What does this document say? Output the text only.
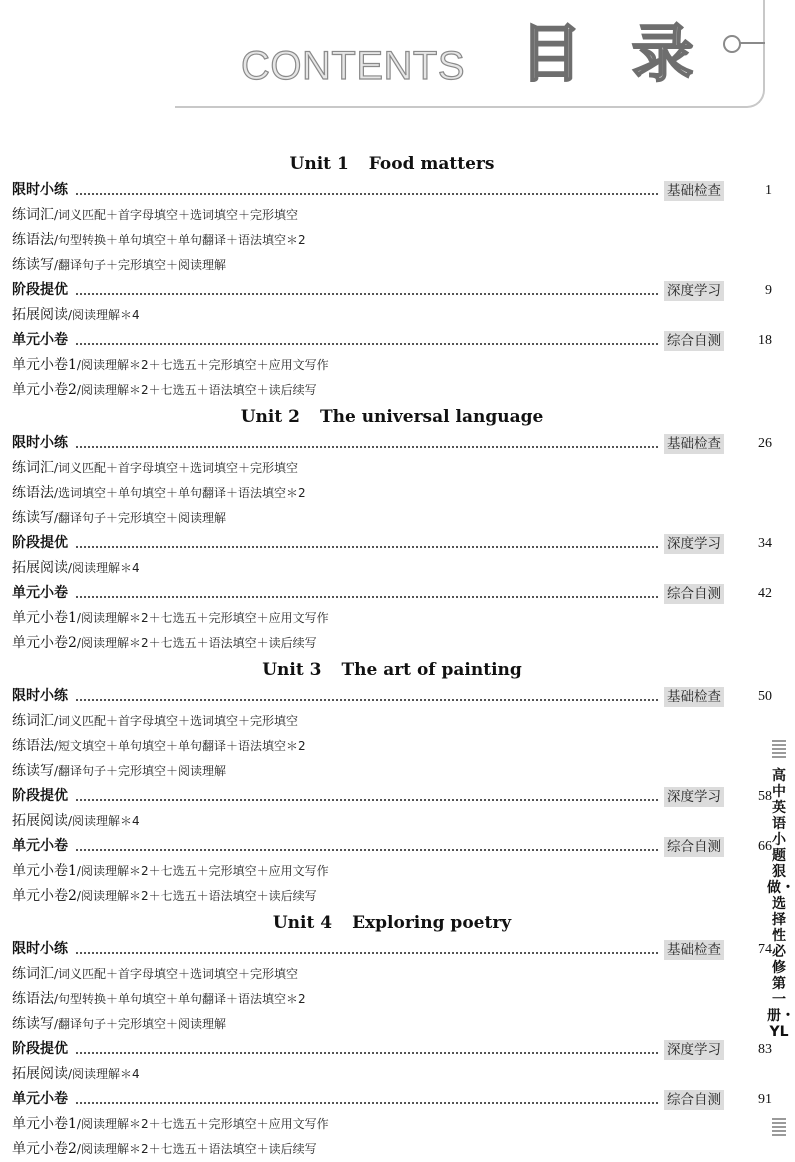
CONTENTS 目 录
Unit 1 Food matters
限时小练	基础检查	1
练词汇 /词义匹配＋首字母填空＋选词填空＋完形填空
练语法 /句型转换＋单句填空＋单句翻译＋语法填空＊2
练读写 /翻译句子＋完形填空＋阅读理解
阶段提优	深度学习	9
拓展阅读 /阅读理解＊4
单元小卷	综合自测	18
单元小卷1 /阅读理解＊2＋七选五＋完形填空＋应用文写作
单元小卷2 /阅读理解＊2＋七选五＋语法填空＋读后续写
Unit 2 The universal language
限时小练	基础检查	26
练词汇 /词义匹配＋首字母填空＋选词填空＋完形填空
练语法 /选词填空＋单句填空＋单句翻译＋语法填空＊2
练读写 /翻译句子＋完形填空＋阅读理解
阶段提优	深度学习	34
拓展阅读 /阅读理解＊4
单元小卷	综合自测	42
单元小卷1 /阅读理解＊2＋七选五＋完形填空＋应用文写作
单元小卷2 /阅读理解＊2＋七选五＋语法填空＋读后续写
Unit 3 The art of painting
限时小练	基础检查	50
练词汇 /词义匹配＋首字母填空＋选词填空＋完形填空
练语法 /短文填空＋单句填空＋单句翻译＋语法填空＊2
练读写 /翻译句子＋完形填空＋阅读理解
阶段提优	深度学习	58
拓展阅读 /阅读理解＊4
单元小卷	综合自测	66
单元小卷1 /阅读理解＊2＋七选五＋完形填空＋应用文写作
单元小卷2 /阅读理解＊2＋七选五＋语法填空＋读后续写
Unit 4 Exploring poetry
限时小练	基础检查	74
练词汇 /词义匹配＋首字母填空＋选词填空＋完形填空
练语法 /句型转换＋单句填空＋单句翻译＋语法填空＊2
练读写 /翻译句子＋完形填空＋阅读理解
阶段提优	深度学习	83
拓展阅读 /阅读理解＊4
单元小卷	综合自测	91
单元小卷1 /阅读理解＊2＋七选五＋完形填空＋应用文写作
单元小卷2 /阅读理解＊2＋七选五＋语法填空＋读后续写
高中英语 小题狠做・选择性必修第一册・YL
